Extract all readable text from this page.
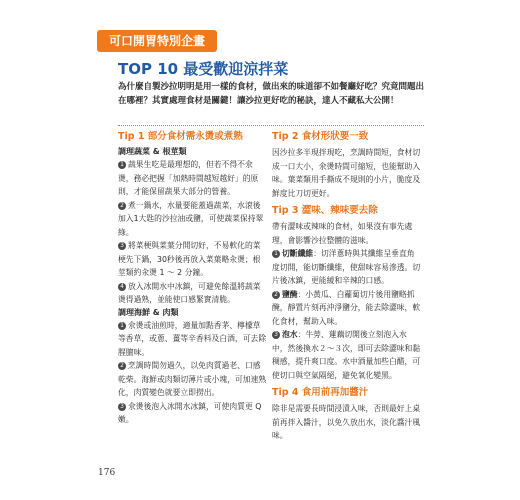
可口開胃特別企畫
TOP 10 最受歡迎涼拌菜
為什麼自製沙拉明明是用一樣的食材，做出來的味道卻不如餐廳好吃？究竟問題出在哪裡？其實處理食材是關鍵！讓沙拉更好吃的秘訣，達人不藏私大公開！
Tip 1 部分食材需永燙或煮熟
調理蔬菜 & 根莖類
1 蔬果生吃是最理想的，但若不得不氽燙，務必把握「加熱時間越短越好」的原則，才能保留蔬果大部分的營養。
2 煮一鍋水，水量要能蓋過蔬菜，水滾後加入1大匙的沙拉油或鹽，可使蔬菜保持翠綠。
3 將菜梗與菜葉分開切好，不易軟化的菜梗先下鍋，30秒後再放入菜葉略汆燙；根莖類約汆燙 1 ～ 2 分鐘。
4 放入冰開水中冰鎮，可避免餘溫將蔬菜燙得過熟，並能使口感緊實清脆。
調理海鮮 & 肉類
1 氽燙或油煎時，適量加點香茅、檸檬草等香草，或蔥、薑等辛香料及白酒，可去除腥膻味。
2 烹調時間勿過久，以免肉質過老、口感乾柴。海鮮或肉類切薄片或小塊，可加速熟化，肉質變色就要立即撈出。
3 氽燙後泡入冰開水冰鎮，可使肉質更 Q 嫩。
Tip 2 食材形狀要一致
因沙拉多半現拌現吃，烹調時間短，食材切成一口大小，氽燙時間可縮短，也能幫助入味。葉菜類用手撕成不規則的小片，脆度及鮮度比刀切更好。
Tip 3 澀味、辣味要去除
帶有澀味或辣味的食材，如果沒有事先處理，會影響沙拉整體的滋味。
1 切斷纖維：切洋蔥時與其纖維呈垂直角度切開，能切斷纖維，使甜味容易滲透。切片後冰鎮，更能緩和辛辣的口感。
2 鹽醃：小黃瓜、白蘿蔔切片後用鹽略抓醃，靜置片刻再沖淨鹽分，能去除澀味，軟化食材，幫助入味。
3 泡水：牛蒡、蓮藕切開後立刻泡入水中，然後換水２～３次，即可去除澀味和黏稠感，提升爽口度。水中酒量加些白醋，可使切口與空氣隔絕，避免氧化變黑。
Tip 4 食用前再加醬汁
除非是需要長時間浸漬入味，否則最好上桌前再拌入醬汁，以免久放出水，淡化醬汁風味。
176
